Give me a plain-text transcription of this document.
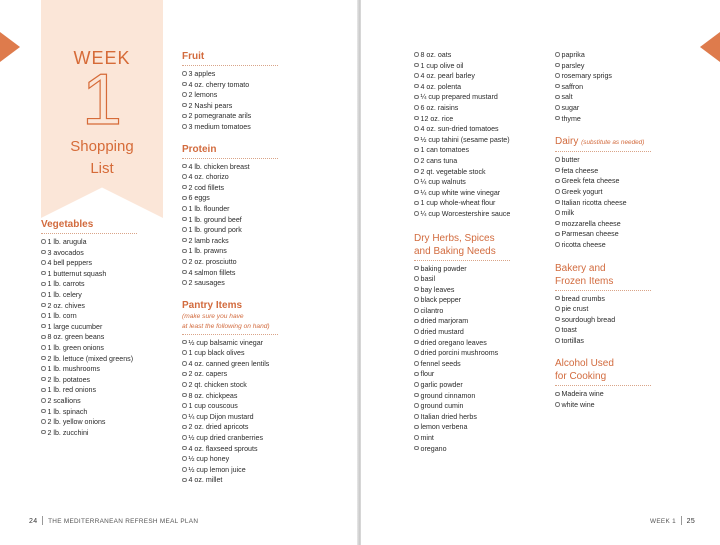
WEEK
1
Shopping
List
Vegetables
1 lb. arugula
3 avocados
4 bell peppers
1 butternut squash
1 lb. carrots
1 lb. celery
2 oz. chives
1 lb. corn
1 large cucumber
8 oz. green beans
1 lb. green onions
2 lb. lettuce (mixed greens)
1 lb. mushrooms
2 lb. potatoes
1 lb. red onions
2 scallions
1 lb. spinach
2 lb. yellow onions
2 lb. zucchini
Fruit
3 apples
4 oz. cherry tomato
2 lemons
2 Nashi pears
2 pomegranate arils
3 medium tomatoes
Protein
4 lb. chicken breast
4 oz. chorizo
2 cod fillets
6 eggs
1 lb. flounder
1 lb. ground beef
1 lb. ground pork
2 lamb racks
1 lb. prawns
2 oz. prosciutto
4 salmon fillets
2 sausages
Pantry Items
(make sure you have
at least the following on hand)
½ cup balsamic vinegar
1 cup black olives
4 oz. canned green lentils
2 oz. capers
2 qt. chicken stock
8 oz. chickpeas
1 cup couscous
¼ cup Dijon mustard
2 oz. dried apricots
½ cup dried cranberries
4 oz. flaxseed sprouts
½ cup honey
½ cup lemon juice
4 oz. millet
24 THE MEDITERRANEAN REFRESH MEAL PLAN
8 oz. oats
1 cup olive oil
4 oz. pearl barley
4 oz. polenta
¼ cup prepared mustard
6 oz. raisins
12 oz. rice
4 oz. sun-dried tomatoes
½ cup tahini (sesame paste)
1 can tomatoes
2 cans tuna
2 qt. vegetable stock
¼ cup walnuts
¼ cup white wine vinegar
1 cup whole-wheat flour
¼ cup Worcestershire sauce
Dry Herbs, Spices
and Baking Needs
baking powder
basil
bay leaves
black pepper
cilantro
dried marjoram
dried mustard
dried oregano leaves
dried porcini mushrooms
fennel seeds
flour
garlic powder
ground cinnamon
ground cumin
Italian dried herbs
lemon verbena
mint
oregano
paprika
parsley
rosemary sprigs
saffron
salt
sugar
thyme
Dairy (substitute as needed)
butter
feta cheese
Greek feta cheese
Greek yogurt
Italian ricotta cheese
milk
mozzarella cheese
Parmesan cheese
ricotta cheese
Bakery and
Frozen Items
bread crumbs
pie crust
sourdough bread
toast
tortillas
Alcohol Used
for Cooking
Madeira wine
white wine
WEEK 1 25
